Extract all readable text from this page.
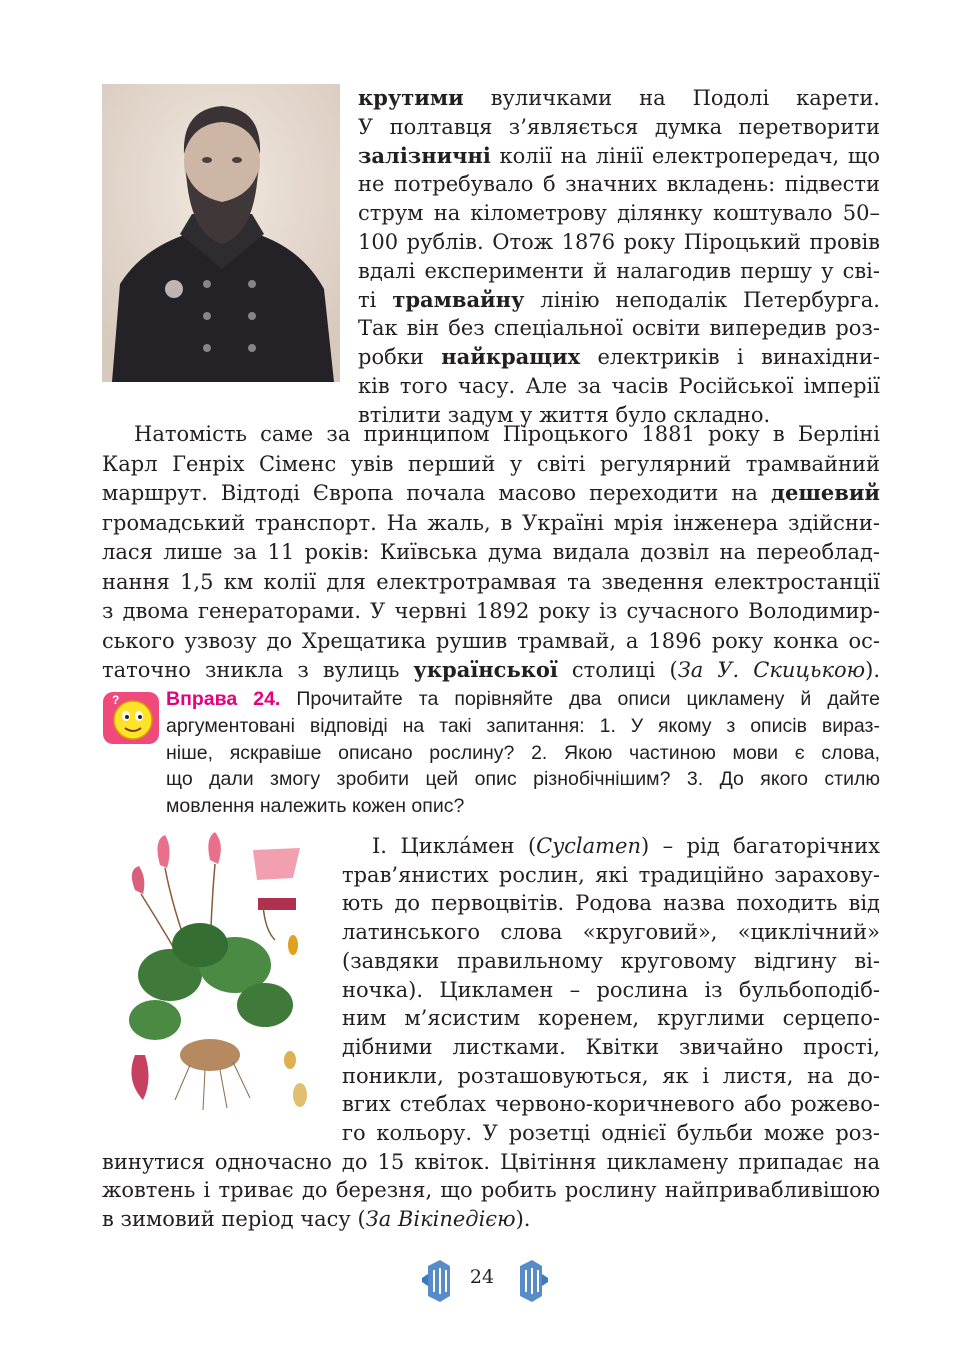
крутими вуличками на Подолі карети.
У полтавця з’являється думка перетворити
залізничні колії на лінії електропередач, що
не потребувало б значних вкладень: підвести
струм на кілометрову ділянку коштувало 50–
100 рублів. Отож 1876 року Піроцький провів
вдалі експерименти й налагодив першу у сві-
ті трамвайну лінію неподалік Петербурга.
Так він без спеціальної освіти випередив роз-
робки найкращих електриків і винахідни-
ків того часу. Але за часів Російської імперії
втілити задум у життя було складно.
Натомість саме за принципом Піроцького 1881 року в Берліні
Карл Генріх Сіменс увів перший у світі регулярний трамвайний
маршрут. Відтоді Європа почала масово переходити на дешевий
громадський транспорт. На жаль, в Україні мрія інженера здійсни-
лася лише за 11 років: Київська дума видала дозвіл на переоблад-
нання 1,5 км колії для електротрамвая та зведення електростанції
з двома генераторами. У червні 1892 року із сучасного Володимир-
ського узвозу до Хрещатика рушив трамвай, а 1896 року конка ос-
таточно зникла з вулиць української столиці (За У. Скицькою).
? Вправа 24. Прочитайте та порівняйте два описи цикламену й дайте
аргументовані відповіді на такі запитання: 1. У якому з описів вираз-
ніше, яскравіше описано рослину? 2. Якою частиною мови є слова,
що дали змогу зробити цей опис різнобічнішим? 3. До якого стилю
мовлення належить кожен опис?
І. Циклáмен (Cyclamen) – рід багаторічних
трав’янистих рослин, які традиційно зарахову-
ють до первоцвітів. Родова назва походить від
латинського слова «круговий», «циклічний»
(завдяки правильному круговому відгину ві-
ночка). Цикламен – рослина із бульбоподіб-
ним м’ясистим коренем, круглими серцепо-
дібними листками. Квітки звичайно прості,
поникли, розташовуються, як і листя, на до-
вгих стеблах червоно-коричневого або рожево-
го кольору. У розетці однієї бульби може роз-
винутися одночасно до 15 квіток. Цвітіння цикламену припадає на
жовтень і триває до березня, що робить рослину найпривабливішою
в зимовий період часу (За Вікіпедією).
24
